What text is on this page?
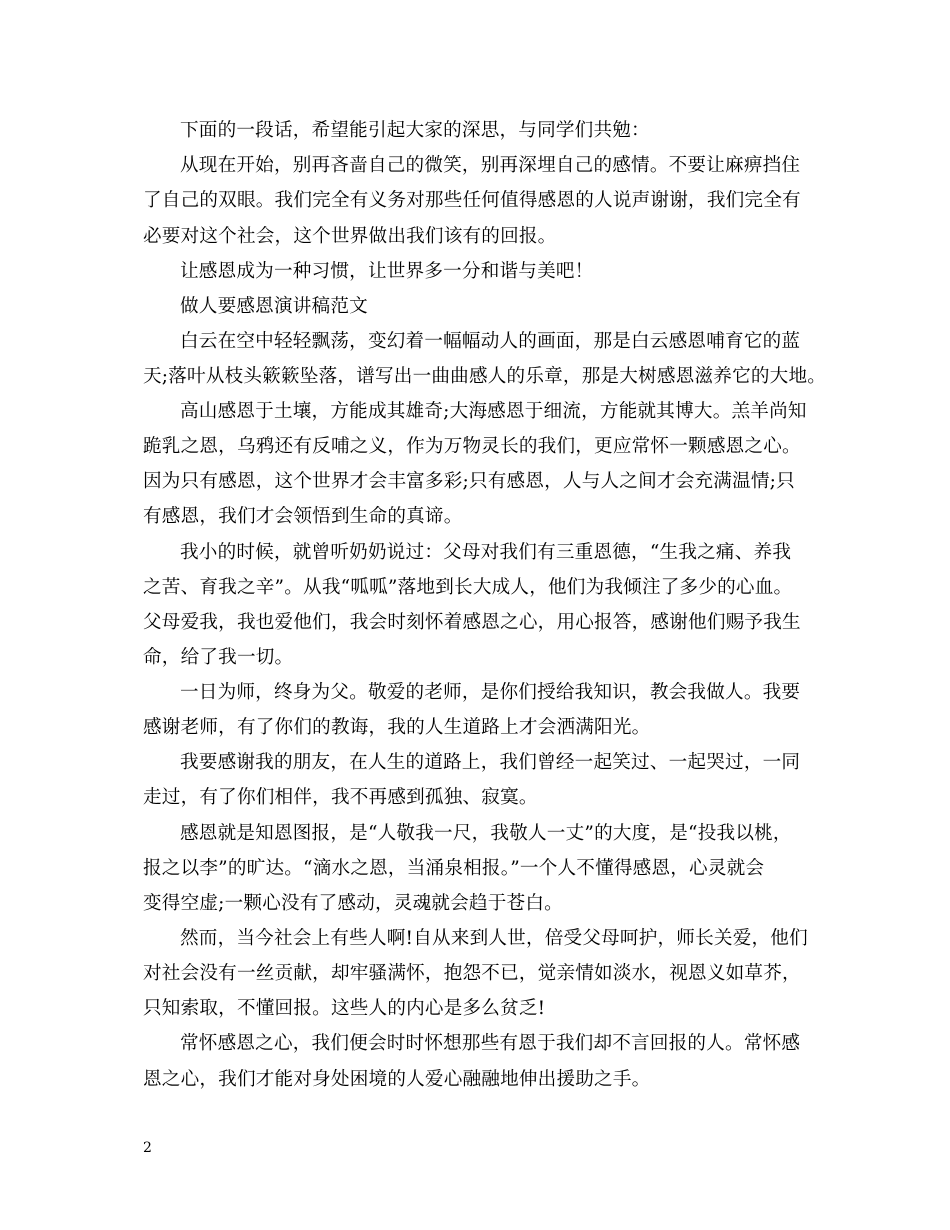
下面的一段话，希望能引起大家的深思，与同学们共勉：
从现在开始，别再吝啬自己的微笑，别再深埋自己的感情。不要让麻痹挡住
了自己的双眼。我们完全有义务对那些任何值得感恩的人说声谢谢，我们完全有
必要对这个社会，这个世界做出我们该有的回报。
让感恩成为一种习惯，让世界多一分和谐与美吧！
做人要感恩演讲稿范文
白云在空中轻轻飘荡，变幻着一幅幅动人的画面，那是白云感恩哺育它的蓝
天;落叶从枝头簌簌坠落，谱写出一曲曲感人的乐章，那是大树感恩滋养它的大地。
高山感恩于土壤，方能成其雄奇;大海感恩于细流，方能就其博大。羔羊尚知
跪乳之恩，乌鸦还有反哺之义，作为万物灵长的我们，更应常怀一颗感恩之心。
因为只有感恩，这个世界才会丰富多彩;只有感恩，人与人之间才会充满温情;只
有感恩，我们才会领悟到生命的真谛。
我小的时候，就曾听奶奶说过：父母对我们有三重恩德，“生我之痛、养我
之苦、育我之辛”。从我“呱呱”落地到长大成人，他们为我倾注了多少的心血。
父母爱我，我也爱他们，我会时刻怀着感恩之心，用心报答，感谢他们赐予我生
命，给了我一切。
一日为师，终身为父。敬爱的老师，是你们授给我知识，教会我做人。我要
感谢老师，有了你们的教诲，我的人生道路上才会洒满阳光。
我要感谢我的朋友，在人生的道路上，我们曾经一起笑过、一起哭过，一同
走过，有了你们相伴，我不再感到孤独、寂寞。
感恩就是知恩图报，是“人敬我一尺，我敬人一丈”的大度，是“投我以桃，
报之以李”的旷达。“滴水之恩，当涌泉相报。”一个人不懂得感恩，心灵就会
变得空虚;一颗心没有了感动，灵魂就会趋于苍白。
然而，当今社会上有些人啊!自从来到人世，倍受父母呵护，师长关爱，他们
对社会没有一丝贡献，却牢骚满怀，抱怨不已，觉亲情如淡水，视恩义如草芥，
只知索取，不懂回报。这些人的内心是多么贫乏!
常怀感恩之心，我们便会时时怀想那些有恩于我们却不言回报的人。常怀感
恩之心，我们才能对身处困境的人爱心融融地伸出援助之手。
2
